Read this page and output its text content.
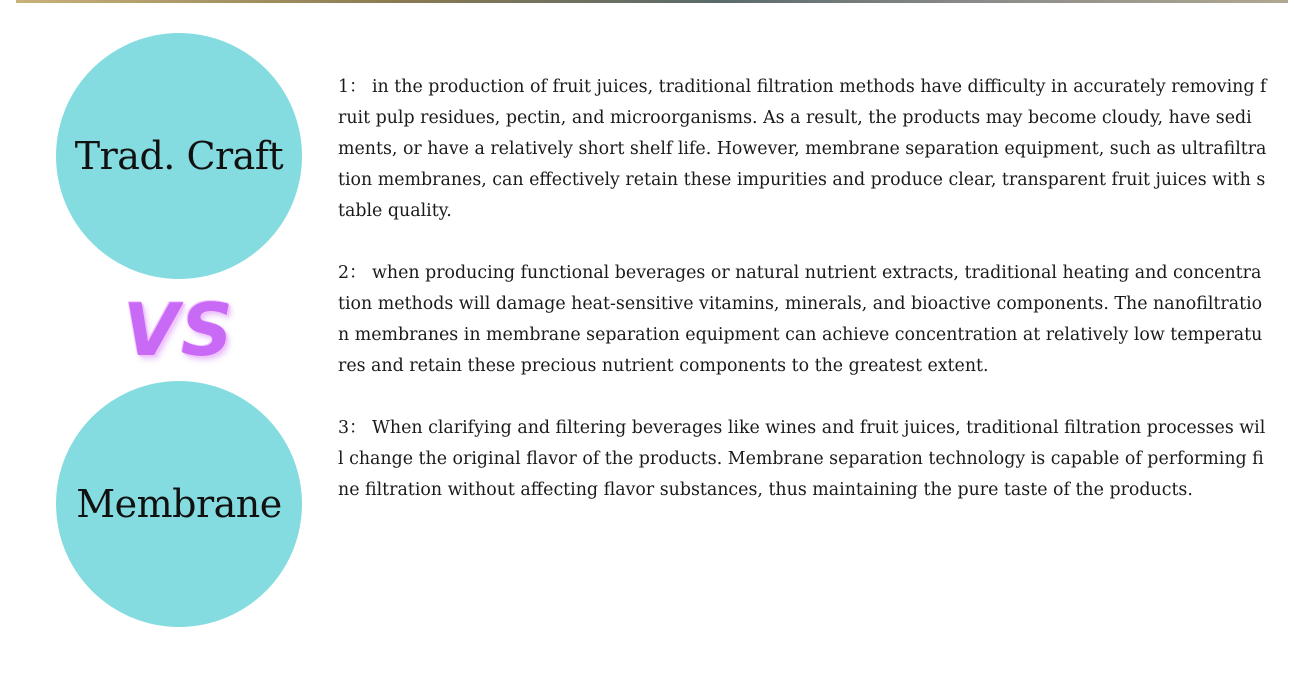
Trad. Craft
VS
Membrane

1： in the production of fruit juices, traditional filtration methods have difficulty in accurately removing fruit pulp residues, pectin, and microorganisms. As a result, the products may become cloudy, have sediments, or have a relatively short shelf life. However, membrane separation equipment, such as ultrafiltration membranes, can effectively retain these impurities and produce clear, transparent fruit juices with stable quality.

2： when producing functional beverages or natural nutrient extracts, traditional heating and concentration methods will damage heat-sensitive vitamins, minerals, and bioactive components. The nanofiltration membranes in membrane separation equipment can achieve concentration at relatively low temperatures and retain these precious nutrient components to the greatest extent.

3： When clarifying and filtering beverages like wines and fruit juices, traditional filtration processes will change the original flavor of the products. Membrane separation technology is capable of performing fine filtration without affecting flavor substances, thus maintaining the pure taste of the products.
